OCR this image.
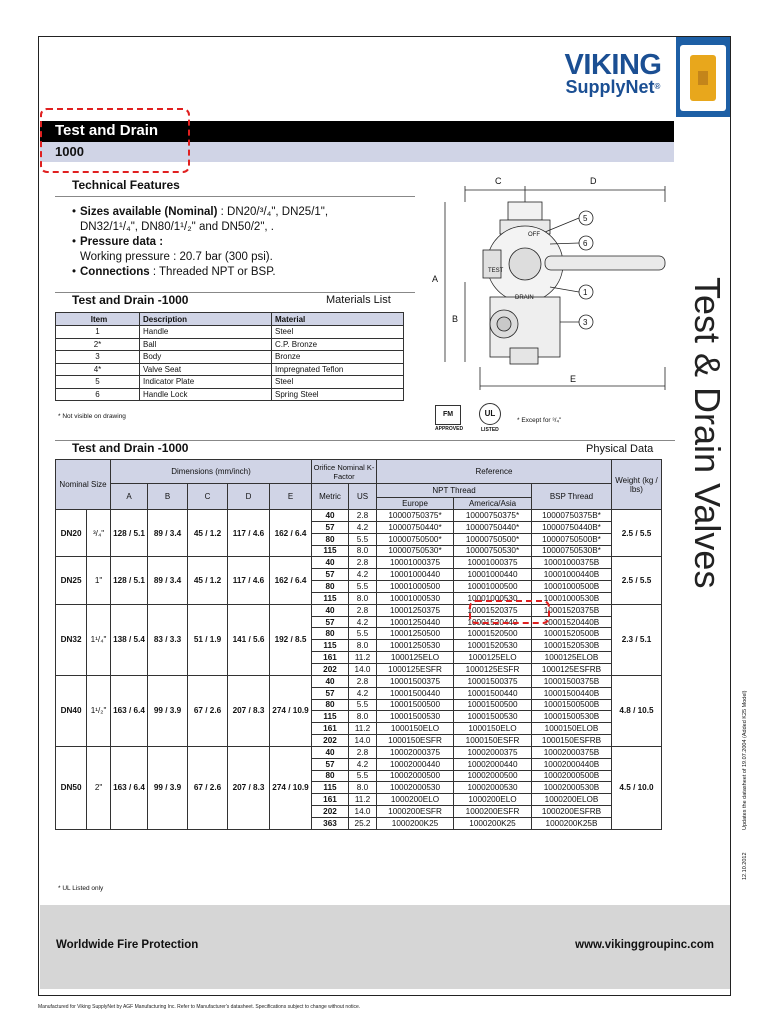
VIKING
SupplyNet®
Test & Drain Valves
Test and Drain
1000
Technical Features
• Sizes available (Nominal) : DN20/³/₄", DN25/1",
DN32/1¹/₄", DN80/1¹/₂" and DN50/2", .
• Pressure data :
Working pressure : 20.7 bar (300 psi).
• Connections : Threaded NPT or BSP.
C	D
A
B
E
OFF
TEST
DRAIN
5
6
1
3
Test and Drain -1000	Materials List
Item	Description	Material
1	Handle	Steel
2*	Ball	C.P. Bronze
3	Body	Bronze
4*	Valve Seat	Impregnated Teflon
5	Indicator Plate	Steel
6	Handle Lock	Spring Steel
* Not visible on drawing	FM
APPROVED
UL
LISTED
* Except for ³/₄"
Test and Drain -1000	Physical Data
Nominal Size		Dimensions (mm/inch)					Orifice Nominal K-Factor		Reference			Weight (kg / lbs)
		A	B	C	D	E	Metric	US	NPT Thread		BSP Thread	
									Europe	America/Asia		
DN20	³/₄"	128 / 5.1	89 / 3.4	45 / 1.2	117 / 4.6	162 / 6.4	40	2.8	10000750375*	10000750375*	10000750375B*	2.5 / 5.5
							57	4.2	10000750440*	10000750440*	10000750440B*	
							80	5.5	10000750500*	10000750500*	10000750500B*	
							115	8.0	10000750530*	10000750530*	10000750530B*	
DN25	1"	128 / 5.1	89 / 3.4	45 / 1.2	117 / 4.6	162 / 6.4	40	2.8	10001000375	10001000375	10001000375B	2.5 / 5.5
							57	4.2	10001000440	10001000440	10001000440B	
							80	5.5	10001000500	10001000500	10001000500B	
							115	8.0	10001000530	10001000530	10001000530B	
DN32	1¹/₄"	138 / 5.4	83 / 3.3	51 / 1.9	141 / 5.6	192 / 8.5	40	2.8	10001250375	10001520375	10001520375B	2.3 / 5.1
							57	4.2	10001250440	10001520440	10001520440B	
							80	5.5	10001250500	10001520500	10001520500B	
							115	8.0	10001250530	10001520530	10001520530B	
							161	11.2	1000125ELO	1000125ELO	1000125ELOB	
							202	14.0	1000125ESFR	1000125ESFR	1000125ESFRB	
DN40	1¹/₂"	163 / 6.4	99 / 3.9	67 / 2.6	207 / 8.3	274 / 10.9	40	2.8	10001500375	10001500375	10001500375B	4.8 / 10.5
							57	4.2	10001500440	10001500440	10001500440B	
							80	5.5	10001500500	10001500500	10001500500B	
							115	8.0	10001500530	10001500530	10001500530B	
							161	11.2	1000150ELO	1000150ELO	1000150ELOB	
							202	14.0	1000150ESFR	1000150ESFR	1000150ESFRB	
DN50	2"	163 / 6.4	99 / 3.9	67 / 2.6	207 / 8.3	274 / 10.9	40	2.8	10002000375	10002000375	10002000375B	4.5 / 10.0
							57	4.2	10002000440	10002000440	10002000440B	
							80	5.5	10002000500	10002000500	10002000500B	
							115	8.0	10002000530	10002000530	10002000530B	
							161	11.2	1000200ELO	1000200ELO	1000200ELOB	
							202	14.0	1000200ESFR	1000200ESFR	1000200ESFRB	
							363	25.2	1000200K25	1000200K25	1000200K25B	
* UL Listed only
Worldwide Fire Protection	www.vikinggroupinc.com
Manufactured for Viking SupplyNet by AGF Manufacturing Inc. Refer to Manufacturer's datasheet. Specifications subject to change without notice.
Updates the datasheet of 19.07.2004 (Added K25 Model)
12.10.2012
